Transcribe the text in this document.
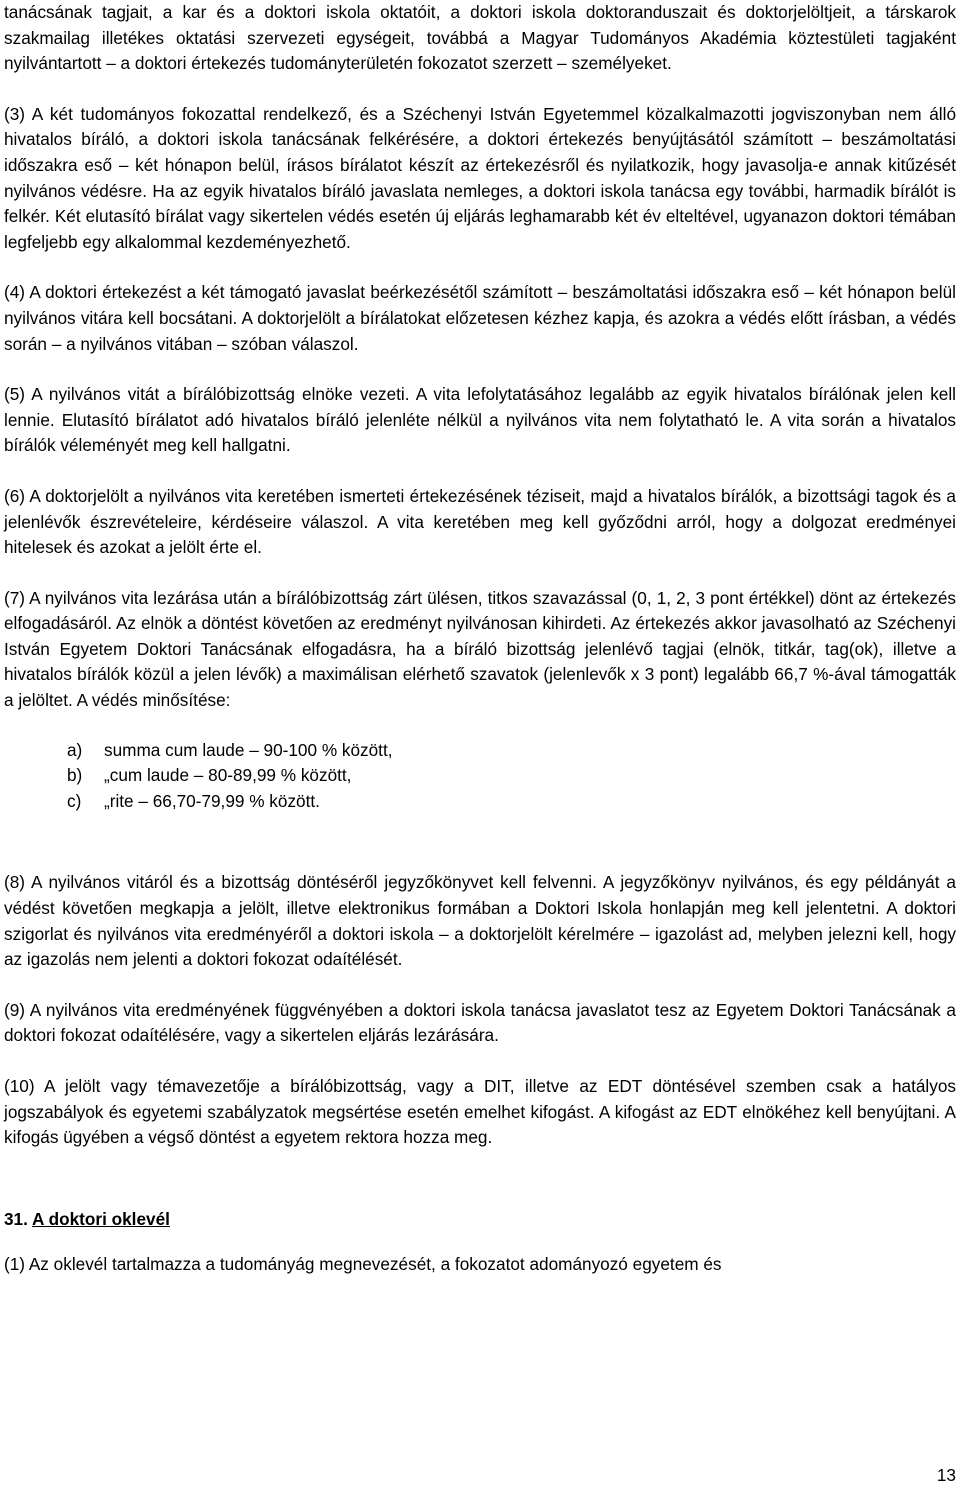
tanácsának tagjait, a kar és a doktori iskola oktatóit, a doktori iskola doktoranduszait és doktorjelöltjeit, a társkarok szakmailag illetékes oktatási szervezeti egységeit, továbbá a Magyar Tudományos Akadémia köztestületi tagjaként nyilvántartott – a doktori értekezés tudományterületén fokozatot szerzett – személyeket.

(3) A két tudományos fokozattal rendelkező, és a Széchenyi István Egyetemmel közalkalmazotti jogviszonyban nem álló hivatalos bíráló, a doktori iskola tanácsának felkérésére, a doktori értekezés benyújtásától számított – beszámoltatási időszakra eső – két hónapon belül, írásos bírálatot készít az értekezésről és nyilatkozik, hogy javasolja-e annak kitűzését nyilvános védésre. Ha az egyik hivatalos bíráló javaslata nemleges, a doktori iskola tanácsa egy további, harmadik bírálót is felkér. Két elutasító bírálat vagy sikertelen védés esetén új eljárás leghamarabb két év elteltével, ugyanazon doktori témában legfeljebb egy alkalommal kezdeményezhető.

(4) A doktori értekezést a két támogató javaslat beérkezésétől számított – beszámoltatási időszakra eső – két hónapon belül nyilvános vitára kell bocsátani. A doktorjelölt a bírálatokat előzetesen kézhez kapja, és azokra a védés előtt írásban, a védés során – a nyilvános vitában – szóban válaszol.

(5) A nyilvános vitát a bírálóbizottság elnöke vezeti. A vita lefolytatásához legalább az egyik hivatalos bírálónak jelen kell lennie. Elutasító bírálatot adó hivatalos bíráló jelenléte nélkül a nyilvános vita nem folytatható le. A vita során a hivatalos bírálók véleményét meg kell hallgatni.

(6) A doktorjelölt a nyilvános vita keretében ismerteti értekezésének téziseit, majd a hivatalos bírálók, a bizottsági tagok és a jelenlévők észrevételeire, kérdéseire válaszol. A vita keretében meg kell győződni arról, hogy a dolgozat eredményei hitelesek és azokat a jelölt érte el.

(7) A nyilvános vita lezárása után a bírálóbizottság zárt ülésen, titkos szavazással (0, 1, 2, 3 pont értékkel) dönt az értekezés elfogadásáról. Az elnök a döntést követően az eredményt nyilvánosan kihirdeti. Az értekezés akkor javasolható az Széchenyi István Egyetem Doktori Tanácsának elfogadásra, ha a bíráló bizottság jelenlévő tagjai (elnök, titkár, tag(ok), illetve a hivatalos bírálók közül a jelen lévők) a maximálisan elérhető szavatok (jelenlevők x 3 pont) legalább 66,7 %-ával támogatták a jelöltet. A védés minősítése:

a)	summa cum laude – 90-100 % között,
b)	„cum laude – 80-89,99 % között,
c)	„rite – 66,70-79,99 % között.

(8) A nyilvános vitáról és a bizottság döntéséről jegyzőkönyvet kell felvenni. A jegyzőkönyv nyilvános, és egy példányát a védést követően megkapja a jelölt, illetve elektronikus formában a Doktori Iskola honlapján meg kell jelentetni. A doktori szigorlat és nyilvános vita eredményéről a doktori iskola – a doktorjelölt kérelmére – igazolást ad, melyben jelezni kell, hogy az igazolás nem jelenti a doktori fokozat odaítélését.

(9) A nyilvános vita eredményének függvényében a doktori iskola tanácsa javaslatot tesz az Egyetem Doktori Tanácsának a doktori fokozat odaítélésére, vagy a sikertelen eljárás lezárására.

(10) A jelölt vagy témavezetője a bírálóbizottság, vagy a DIT, illetve az EDT döntésével szemben csak a hatályos jogszabályok és egyetemi szabályzatok megsértése esetén emelhet kifogást. A kifogást az EDT elnökéhez kell benyújtani. A kifogás ügyében a végső döntést a egyetem rektora hozza meg.

31. A doktori oklevél

(1) Az oklevél tartalmazza a tudományág megnevezését, a fokozatot adományozó egyetem és

13
